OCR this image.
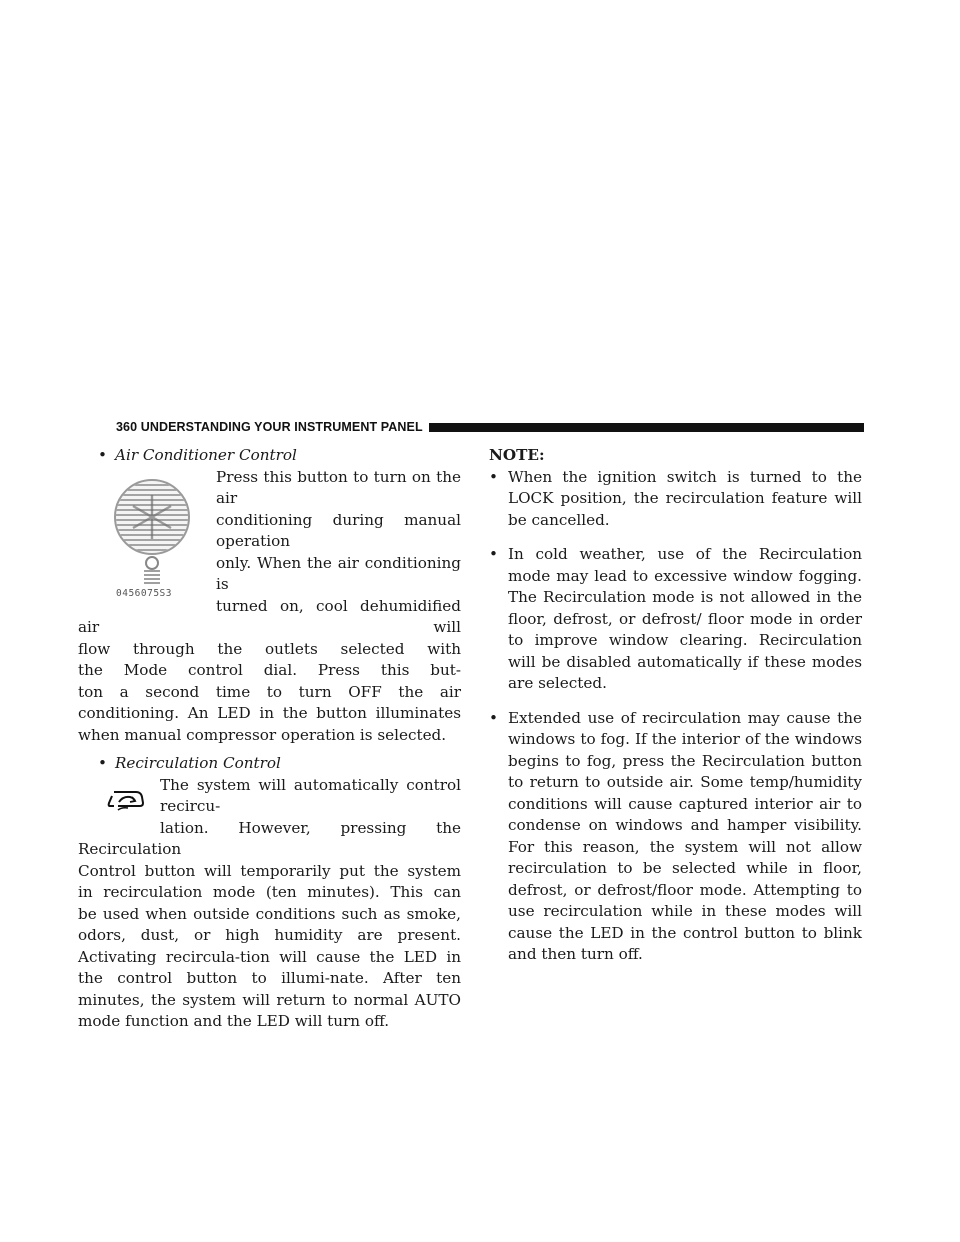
360 UNDERSTANDING YOUR INSTRUMENT PANEL
• Air Conditioner Control
0456075S3
Press this button to turn on the air
conditioning during manual operation
only. When the air conditioning is
turned on, cool dehumidified air will
flow through the outlets selected with
the Mode control dial. Press this but-
ton a second time to turn OFF the air
conditioning. An LED in the button illuminates when manual compressor operation is selected.
• Recirculation Control
The system will automatically control recircu-
lation. However, pressing the Recirculation
Control button will temporarily put the system
in recirculation mode (ten minutes). This can
be used when outside conditions such as smoke, odors, dust, or high humidity are present. Activating recircula-tion will cause the LED in the control button to illumi-nate. After ten minutes, the system will return to normal AUTO mode function and the LED will turn off.
NOTE:
• When the ignition switch is turned to the LOCK position, the recirculation feature will be cancelled.
• In cold weather, use of the Recirculation mode may lead to excessive window fogging. The Recirculation mode is not allowed in the floor, defrost, or defrost/ floor mode in order to improve window clearing. Recirculation will be disabled automatically if these modes are selected.
• Extended use of recirculation may cause the windows to fog. If the interior of the windows begins to fog, press the Recirculation button to return to outside air. Some temp/humidity conditions will cause captured interior air to condense on windows and hamper visibility. For this reason, the system will not allow recirculation to be selected while in floor, defrost, or defrost/floor mode. Attempting to use recirculation while in these modes will cause the LED in the control button to blink and then turn off.
